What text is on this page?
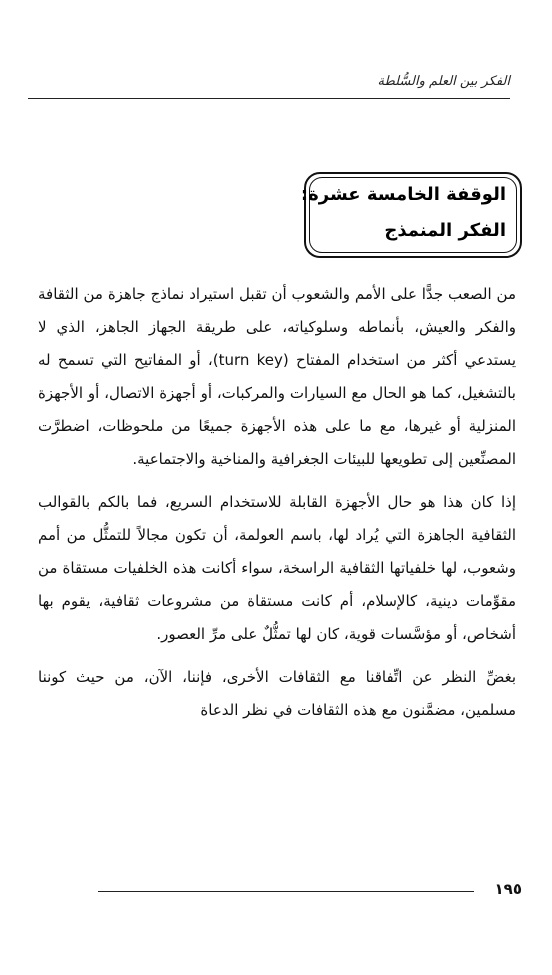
الفكر بين العلم والسُّلطة
الوقفة الخامسة عشرة:
الفكر المنمذج

من الصعب جدًّا على الأمم والشعوب أن تقبل استيراد نماذج جاهزة من الثقافة والفكر والعيش، بأنماطه وسلوكياته، على طريقة الجهاز الجاهز، الذي لا يستدعي أكثر من استخدام المفتاح (turn key)، أو المفاتيح التي تسمح له بالتشغيل، كما هو الحال مع السيارات والمركبات، أو أجهزة الاتصال، أو الأجهزة المنزلية أو غيرها، مع ما على هذه الأجهزة جميعًا من ملحوظات، اضطرَّت المصنِّعين إلى تطويعها للبيئات الجغرافية والمناخية والاجتماعية.

إذا كان هذا هو حال الأجهزة القابلة للاستخدام السريع، فما بالكم بالقوالب الثقافية الجاهزة التي يُراد لها، باسم العولمة، أن تكون مجالاً للتمثُّل من أمم وشعوب، لها خلفياتها الثقافية الراسخة، سواء أكانت هذه الخلفيات مستقاة من مقوِّمات دينية، كالإسلام، أم كانت مستقاة من مشروعات ثقافية، يقوم بها أشخاص، أو مؤسَّسات قوية، كان لها تمثُّلٌ على مرِّ العصور.

بغضِّ النظر عن اتِّفاقنا مع الثقافات الأخرى، فإننا، الآن، من حيث كوننا مسلمين، مضمَّنون مع هذه الثقافات في نظر الدعاة

١٩٥
